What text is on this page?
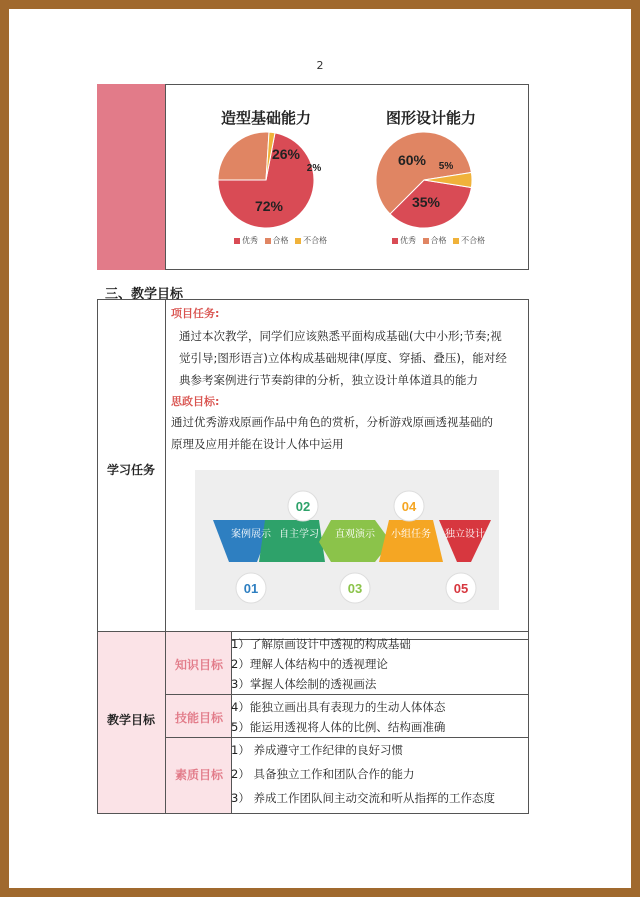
2
造型基础能力	图形设计能力
72%
26%
2%
35%
60% 5%
优秀 合格 不合格	优秀 合格 不合格
三、教学目标
学习任务
项目任务:
通过本次教学，同学们应该熟悉平面构成基础(大中小形;节奏;视
觉引导;图形语言)立体构成基础规律(厚度、穿插、叠压)，能对经
典参考案例进行节奏韵律的分析，独立设计单体道具的能力
思政目标:
通过优秀游戏原画作品中角色的赏析，分析游戏原画透视基础的
原理及应用并能在设计人体中运用
01
02
03
04
05
案例展示 自主学习 直观演示 小组任务 独立设计
教学目标
知识目标
技能目标
素质目标
1）了解原画设计中透视的构成基础
2）理解人体结构中的透视理论
3）掌握人体绘制的透视画法
4）能独立画出具有表现力的生动人体体态
5）能运用透视将人体的比例、结构画准确
1） 养成遵守工作纪律的良好习惯
2） 具备独立工作和团队合作的能力
3） 养成工作团队间主动交流和听从指挥的工作态度
